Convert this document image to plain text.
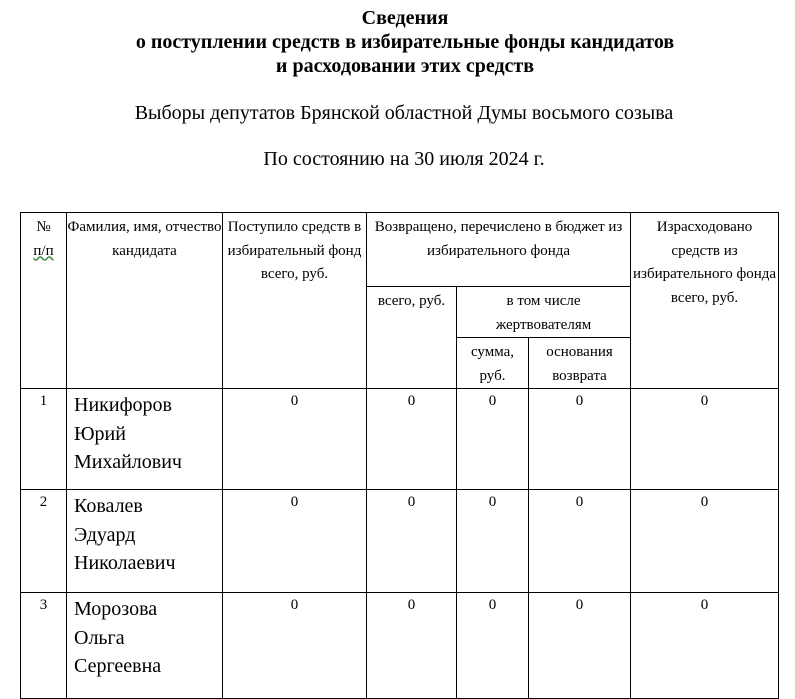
Сведения
о поступлении средств в избирательные фонды кандидатов
и расходовании этих средств
Выборы депутатов Брянской областной Думы восьмого созыва
По состоянию на 30 июля 2024 г.
№
п/п	Фамилия, имя, отчество кандидата	Поступило средств в избирательный фонд всего, руб.	Возвращено, перечислено в бюджет из избирательного фонда			Израсходовано средств из избирательного фонда всего, руб.
			всего, руб.	в том числе жертвователям		
				сумма, руб.	основания возврата	
1	Никифоров
Юрий
Михайлович	0	0	0	0	0
2	Ковалев
Эдуард
Николаевич	0	0	0	0	0
3	Морозова
Ольга
Сергеевна	0	0	0	0	0
